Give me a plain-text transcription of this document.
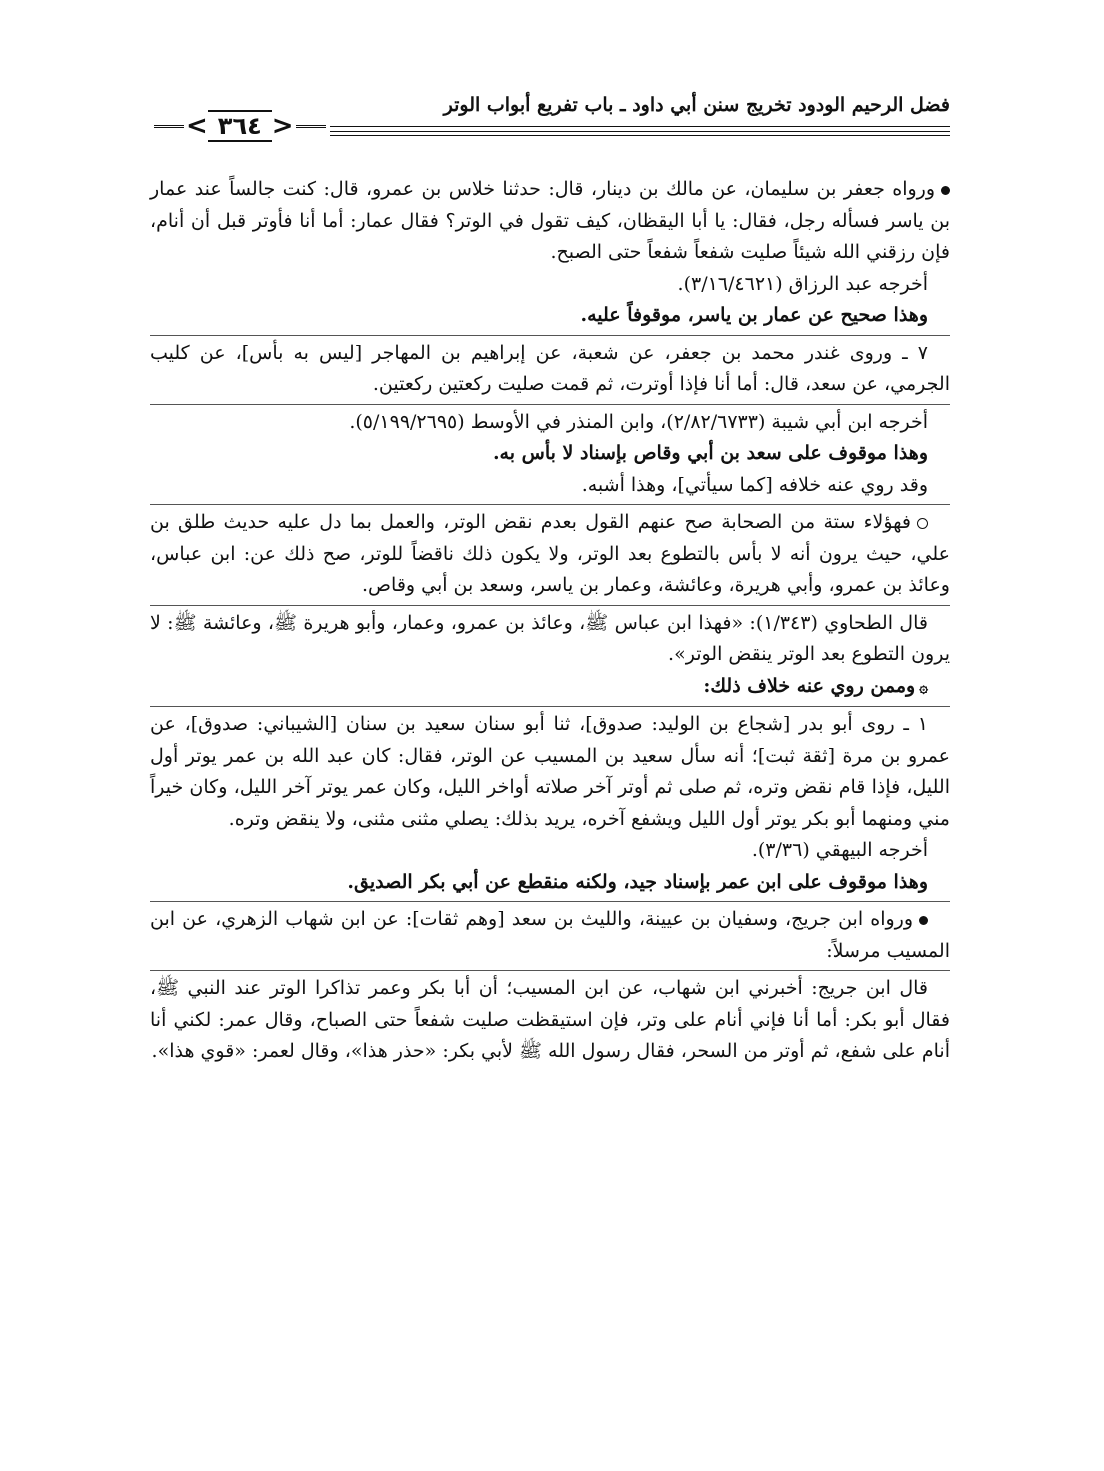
فضل الرحيم الودود تخريج سنن أبي داود ـ باب تفريع أبواب الوتر
< ٣٦٤ >

ورواه جعفر بن سليمان، عن مالك بن دينار، قال: حدثنا خلاس بن عمرو، قال: كنت جالساً عند عمار بن ياسر فسأله رجل، فقال: يا أبا اليقظان، كيف تقول في الوتر؟ فقال عمار: أما أنا فأوتر قبل أن أنام، فإن رزقني الله شيئاً صليت شفعاً شفعاً حتى الصبح.

أخرجه عبد الرزاق (٣/١٦/٤٦٢١).

وهذا صحيح عن عمار بن ياسر، موقوفاً عليه.

٧ ـ وروى غندر محمد بن جعفر، عن شعبة، عن إبراهيم بن المهاجر [ليس به بأس]، عن كليب الجرمي، عن سعد، قال: أما أنا فإذا أوترت، ثم قمت صليت ركعتين ركعتين.

أخرجه ابن أبي شيبة (٢/٨٢/٦٧٣٣)، وابن المنذر في الأوسط (٥/١٩٩/٢٦٩٥).

وهذا موقوف على سعد بن أبي وقاص بإسناد لا بأس به.

وقد روي عنه خلافه [كما سيأتي]، وهذا أشبه.

فهؤلاء ستة من الصحابة صح عنهم القول بعدم نقض الوتر، والعمل بما دل عليه حديث طلق بن علي، حيث يرون أنه لا بأس بالتطوع بعد الوتر، ولا يكون ذلك ناقضاً للوتر، صح ذلك عن: ابن عباس، وعائذ بن عمرو، وأبي هريرة، وعائشة، وعمار بن ياسر، وسعد بن أبي وقاص.

قال الطحاوي (١/٣٤٣): «فهذا ابن عباس ﷺ، وعائذ بن عمرو، وعمار، وأبو هريرة ﷺ، وعائشة ﷺ: لا يرون التطوع بعد الوتر ينقض الوتر».

۞وممن روي عنه خلاف ذلك:

١ ـ روى أبو بدر [شجاع بن الوليد: صدوق]، ثنا أبو سنان سعيد بن سنان [الشيباني: صدوق]، عن عمرو بن مرة [ثقة ثبت]؛ أنه سأل سعيد بن المسيب عن الوتر، فقال: كان عبد الله بن عمر يوتر أول الليل، فإذا قام نقض وتره، ثم صلى ثم أوتر آخر صلاته أواخر الليل، وكان عمر يوتر آخر الليل، وكان خيراً مني ومنهما أبو بكر يوتر أول الليل ويشفع آخره، يريد بذلك: يصلي مثنى مثنى، ولا ينقض وتره.

أخرجه البيهقي (٣/٣٦).

وهذا موقوف على ابن عمر بإسناد جيد، ولكنه منقطع عن أبي بكر الصديق.

ورواه ابن جريج، وسفيان بن عيينة، والليث بن سعد [وهم ثقات]: عن ابن شهاب الزهري، عن ابن المسيب مرسلاً:

قال ابن جريج: أخبرني ابن شهاب، عن ابن المسيب؛ أن أبا بكر وعمر تذاكرا الوتر عند النبي ﷺ، فقال أبو بكر: أما أنا فإني أنام على وتر، فإن استيقظت صليت شفعاً حتى الصباح، وقال عمر: لكني أنا أنام على شفع، ثم أوتر من السحر، فقال رسول الله ﷺ لأبي بكر: «حذر هذا»، وقال لعمر: «قوي هذا».
